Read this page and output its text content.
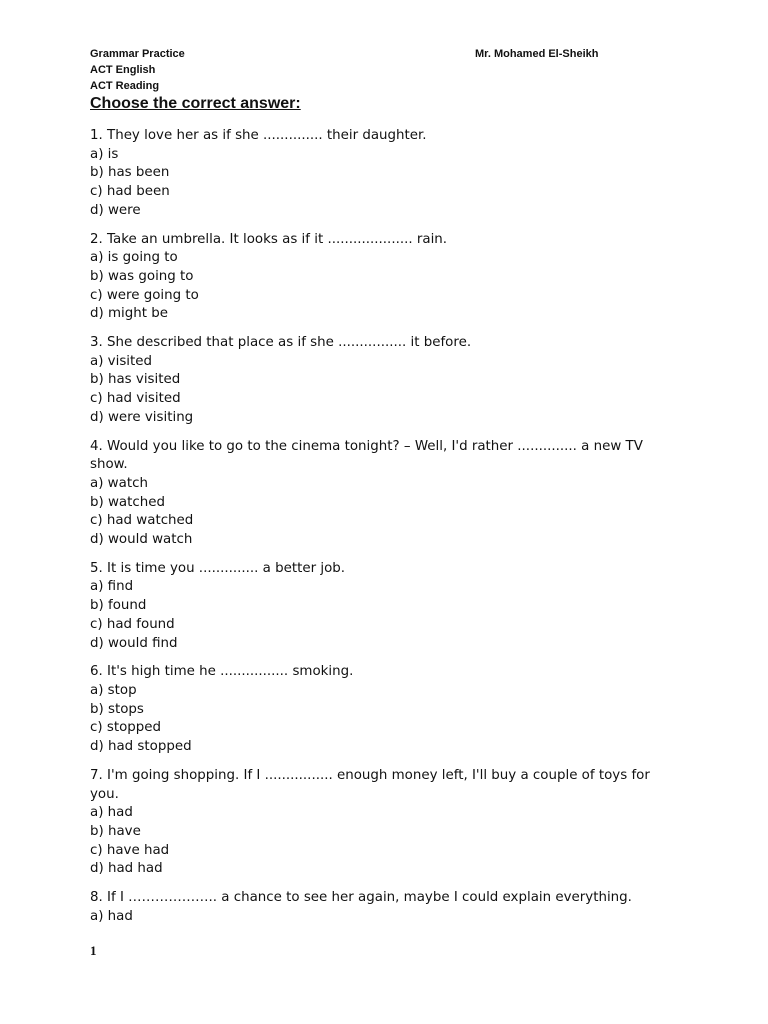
Grammar Practice
ACT English
ACT Reading
Mr. Mohamed El-Sheikh
Choose the correct answer:
1. They love her as if she .............. their daughter.
a) is
b) has been
c) had been
d) were
2. Take an umbrella. It looks as if it .................... rain.
a) is going to
b) was going to
c) were going to
d) might be
3. She described that place as if she ................ it before.
a) visited
b) has visited
c) had visited
d) were visiting
4. Would you like to go to the cinema tonight? – Well, I'd rather .............. a new TV show.
a) watch
b) watched
c) had watched
d) would watch
5. It is time you .............. a better job.
a) find
b) found
c) had found
d) would find
6. It's high time he ................ smoking.
a) stop
b) stops
c) stopped
d) had stopped
7. I'm going shopping. If I ................ enough money left, I'll buy a couple of toys for you.
a) had
b) have
c) have had
d) had had
8. If I ……………….. a chance to see her again, maybe I could explain everything.
a) had
1
